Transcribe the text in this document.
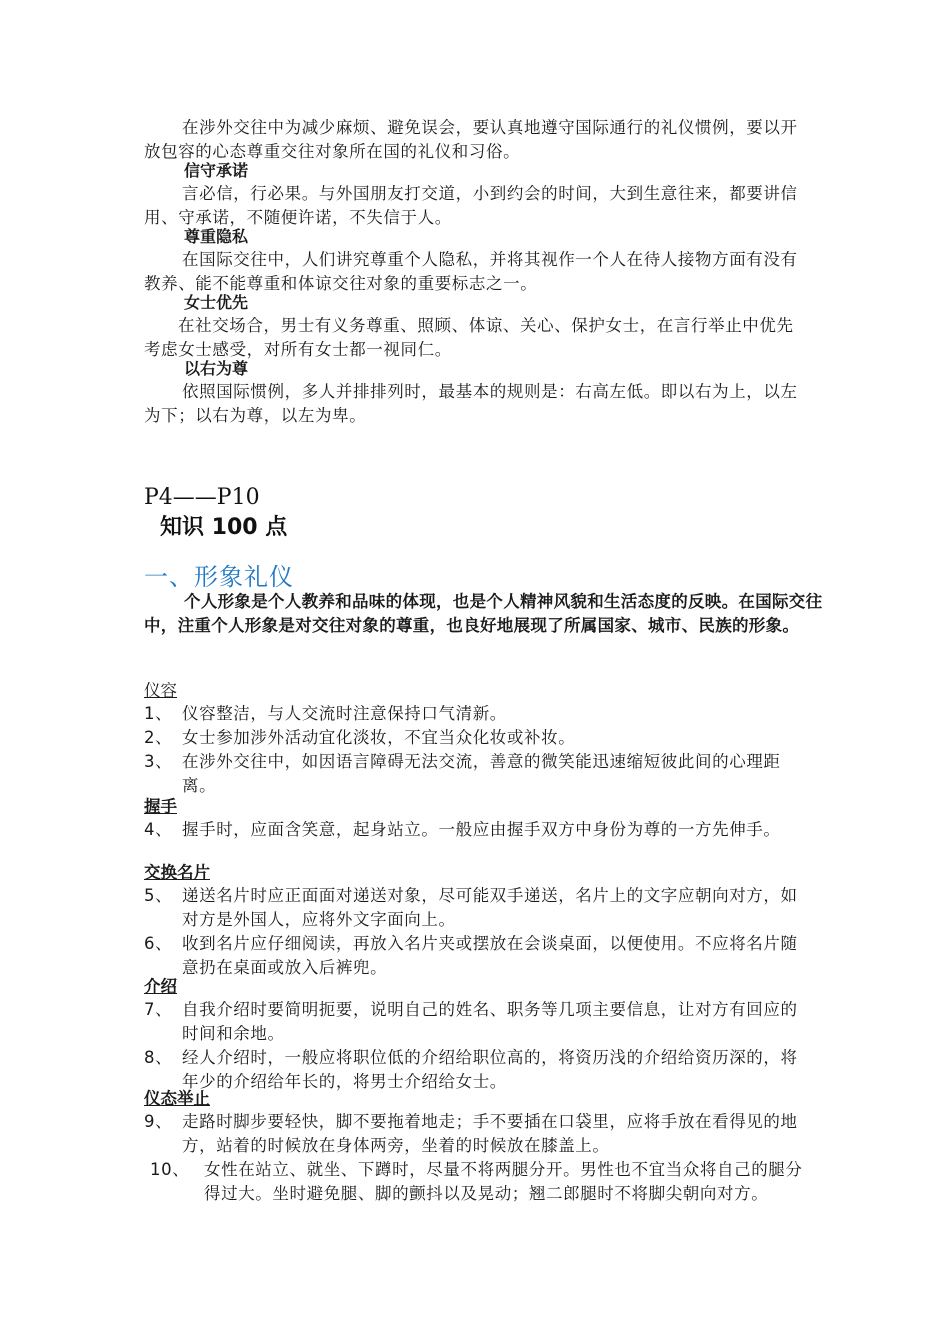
在涉外交往中为减少麻烦、避免误会，要认真地遵守国际通行的礼仪惯例，要以开放包容的心态尊重交往对象所在国的礼仪和习俗。

信守承诺

言必信，行必果。与外国朋友打交道，小到约会的时间，大到生意往来，都要讲信用、守承诺，不随便许诺，不失信于人。

尊重隐私

在国际交往中，人们讲究尊重个人隐私，并将其视作一个人在待人接物方面有没有教养、能不能尊重和体谅交往对象的重要标志之一。

女士优先

在社交场合，男士有义务尊重、照顾、体谅、关心、保护女士，在言行举止中优先考虑女士感受，对所有女士都一视同仁。

以右为尊

依照国际惯例，多人并排排列时，最基本的规则是：右高左低。即以右为上，以左为下；以右为尊，以左为卑。

P4——P10

知识 100 点

一、形象礼仪

个人形象是个人教养和品味的体现，也是个人精神风貌和生活态度的反映。在国际交往中，注重个人形象是对交往对象的尊重，也良好地展现了所属国家、城市、民族的形象。

仪容

1、 仪容整洁，与人交流时注意保持口气清新。
2、 女士参加涉外活动宜化淡妆，不宜当众化妆或补妆。
3、 在涉外交往中，如因语言障碍无法交流，善意的微笑能迅速缩短彼此间的心理距离。

握手

4、 握手时，应面含笑意，起身站立。一般应由握手双方中身份为尊的一方先伸手。

交换名片

5、 递送名片时应正面面对递送对象，尽可能双手递送，名片上的文字应朝向对方，如对方是外国人，应将外文字面向上。
6、 收到名片应仔细阅读，再放入名片夹或摆放在会谈桌面，以便使用。不应将名片随意扔在桌面或放入后裤兜。

介绍

7、 自我介绍时要简明扼要，说明自己的姓名、职务等几项主要信息，让对方有回应的时间和余地。
8、 经人介绍时，一般应将职位低的介绍给职位高的，将资历浅的介绍给资历深的，将年少的介绍给年长的，将男士介绍给女士。

仪态举止

9、 走路时脚步要轻快，脚不要拖着地走；手不要插在口袋里，应将手放在看得见的地方，站着的时候放在身体两旁，坐着的时候放在膝盖上。
10、 女性在站立、就坐、下蹲时，尽量不将两腿分开。男性也不宜当众将自己的腿分得过大。坐时避免腿、脚的颤抖以及晃动；翘二郎腿时不将脚尖朝向对方。
